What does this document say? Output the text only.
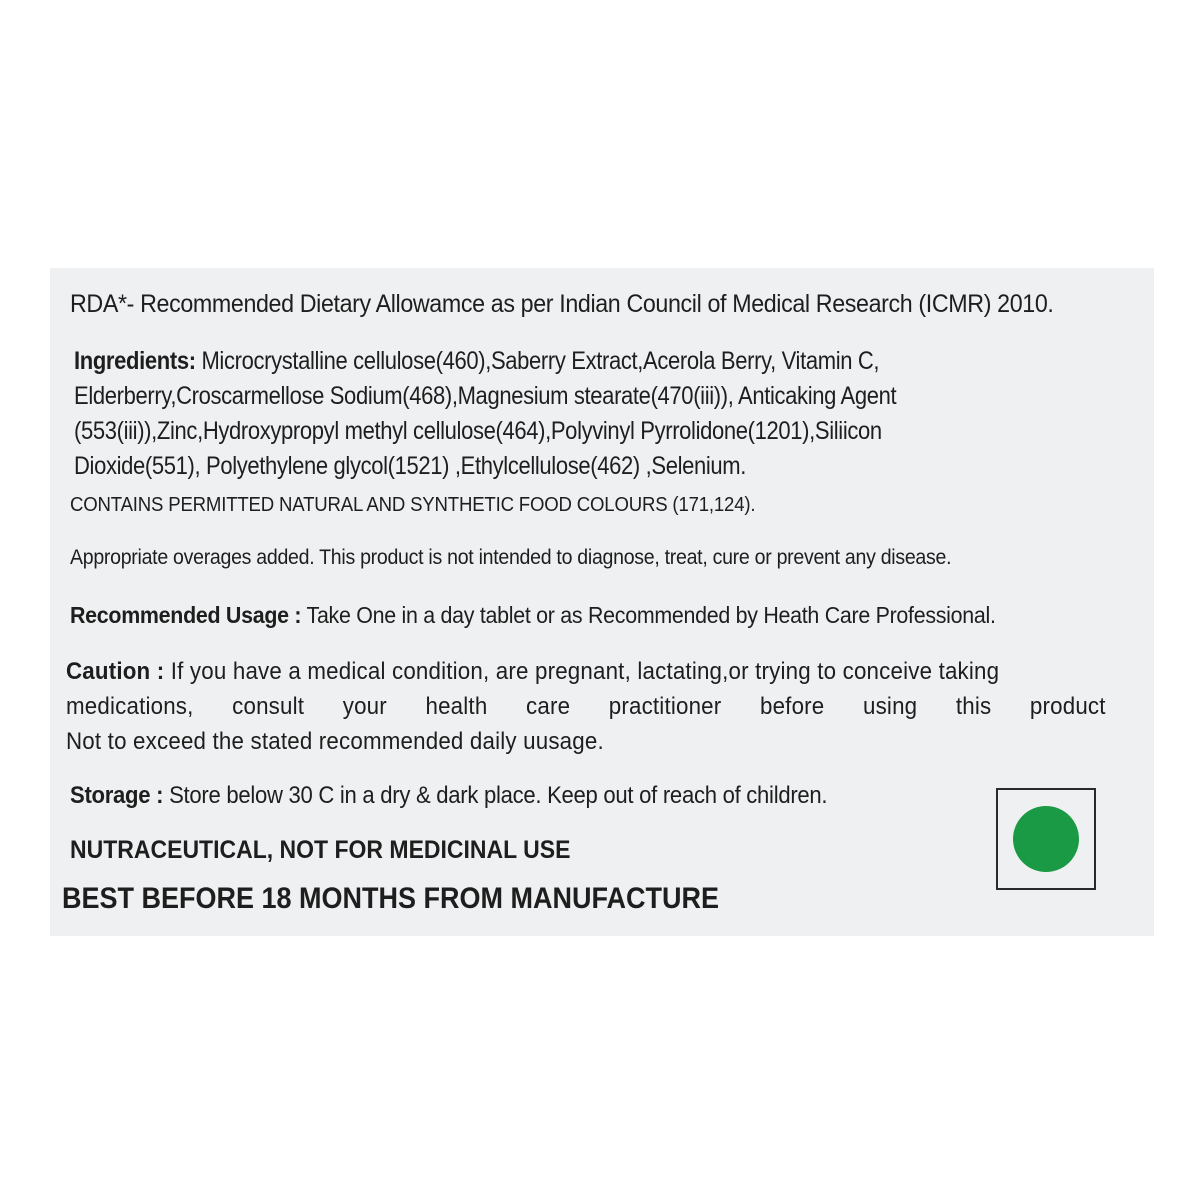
RDA*- Recommended Dietary Allowamce as per Indian Council of Medical Research (ICMR) 2010.

Ingredients: Microcrystalline cellulose(460),Saberry Extract,Acerola Berry, Vitamin C,
Elderberry,Croscarmellose Sodium(468),Magnesium stearate(470(iii)), Anticaking Agent
(553(iii)),Zinc,Hydroxypropyl methyl cellulose(464),Polyvinyl Pyrrolidone(1201),Siliicon
Dioxide(551), Polyethylene glycol(1521) ,Ethylcellulose(462) ,Selenium.

CONTAINS PERMITTED NATURAL AND SYNTHETIC FOOD COLOURS (171,124).

Appropriate overages added. This product is not intended to diagnose, treat, cure or prevent any disease.

Recommended Usage : Take One in a day tablet or as Recommended by Heath Care Professional.

Caution : If you have a medical condition, are pregnant, lactating,or trying to conceive taking
medications, consult your health care practitioner before using this product
Not to exceed the stated recommended daily uusage.

Storage : Store below 30 C in a dry & dark place. Keep out of reach of children.

NUTRACEUTICAL, NOT FOR MEDICINAL USE

BEST BEFORE 18 MONTHS FROM MANUFACTURE
